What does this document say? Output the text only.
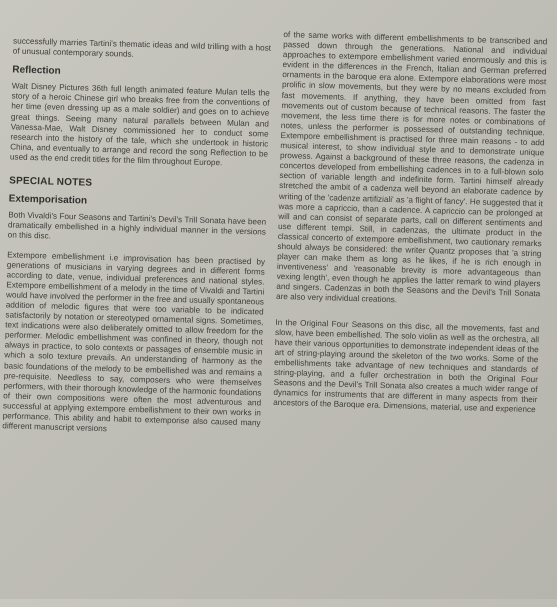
successfully marries Tartini's thematic ideas and wild trilling with a host of unusual contemporary sounds.

Reflection

Walt Disney Pictures 36th full length animated feature Mulan tells the story of a heroic Chinese girl who breaks free from the conventions of her time (even dressing up as a male soldier) and goes on to achieve great things. Seeing many natural parallels between Mulan and Vanessa-Mae, Walt Disney commissioned her to conduct some research into the history of the tale, which she undertook in historic China, and eventually to arrange and record the song Reflection to be used as the end credit titles for the film throughout Europe.

SPECIAL NOTES
Extemporisation

Both Vivaldi's Four Seasons and Tartini's Devil's Trill Sonata have been dramatically embellished in a highly individual manner in the versions on this disc.

Extempore embellishment i.e improvisation has been practised by generations of musicians in varying degrees and in different forms according to date, venue, individual preferences and national styles. Extempore embellishment of a melody in the time of Vivaldi and Tartini would have involved the performer in the free and usually spontaneous addition of melodic figures that were too variable to be indicated satisfactorily by notation or stereotyped ornamental signs. Sometimes, text indications were also deliberately omitted to allow freedom for the performer. Melodic embellishment was confined in theory, though not always in practice, to solo contexts or passages of ensemble music in which a solo texture prevails. An understanding of harmony as the basic foundations of the melody to be embellished was and remains a pre-requisite. Needless to say, composers who were themselves performers, with their thorough knowledge of the harmonic foundations of their own compositions were often the most adventurous and successful at applying extempore embellishment to their own works in performance. This ability and habit to extemporise also caused many different manuscript versions

of the same works with different embellishments to be transcribed and passed down through the generations. National and individual approaches to extempore embellishment varied enormously and this is evident in the differences in the French, Italian and German preferred ornaments in the baroque era alone. Extempore elaborations were most prolific in slow movements, but they were by no means excluded from fast movements. If anything, they have been omitted from fast movements out of custom because of technical reasons. The faster the movement, the less time there is for more notes or combinations of notes, unless the performer is possessed of outstanding technique. Extempore embellishment is practised for three main reasons - to add musical interest, to show individual style and to demonstrate unique prowess. Against a background of these three reasons, the cadenza in concertos developed from embellishing cadences in to a full-blown solo section of variable length and indefinite form. Tartini himself already stretched the ambit of a cadenza well beyond an elaborate cadence by writing of the 'cadenze artifiziali' as 'a flight of fancy'. He suggested that it was more a capriccio, than a cadence. A capriccio can be prolonged at will and can consist of separate parts, call on different sentiments and use different tempi. Still, in cadenzas, the ultimate product in the classical concerto of extempore embellishment, two cautionary remarks should always be considered: the writer Quantz proposes that 'a string player can make them as long as he likes, if he is rich enough in inventiveness' and 'reasonable brevity is more advantageous than vexing length', even though he applies the latter remark to wind players and singers. Cadenzas in both the Seasons and the Devil's Trill Sonata are also very individual creations.

In the Original Four Seasons on this disc, all the movements, fast and slow, have been embellished. The solo violin as well as the orchestra, all have their various opportunities to demonstrate independent ideas of the art of string-playing around the skeleton of the two works. Some of the embellishments take advantage of new techniques and standards of string-playing, and a fuller orchestration in both the Original Four Seasons and the Devil's Trill Sonata also creates a much wider range of dynamics for instruments that are different in many aspects from their ancestors of the Baroque era. Dimensions, material, use and experience
